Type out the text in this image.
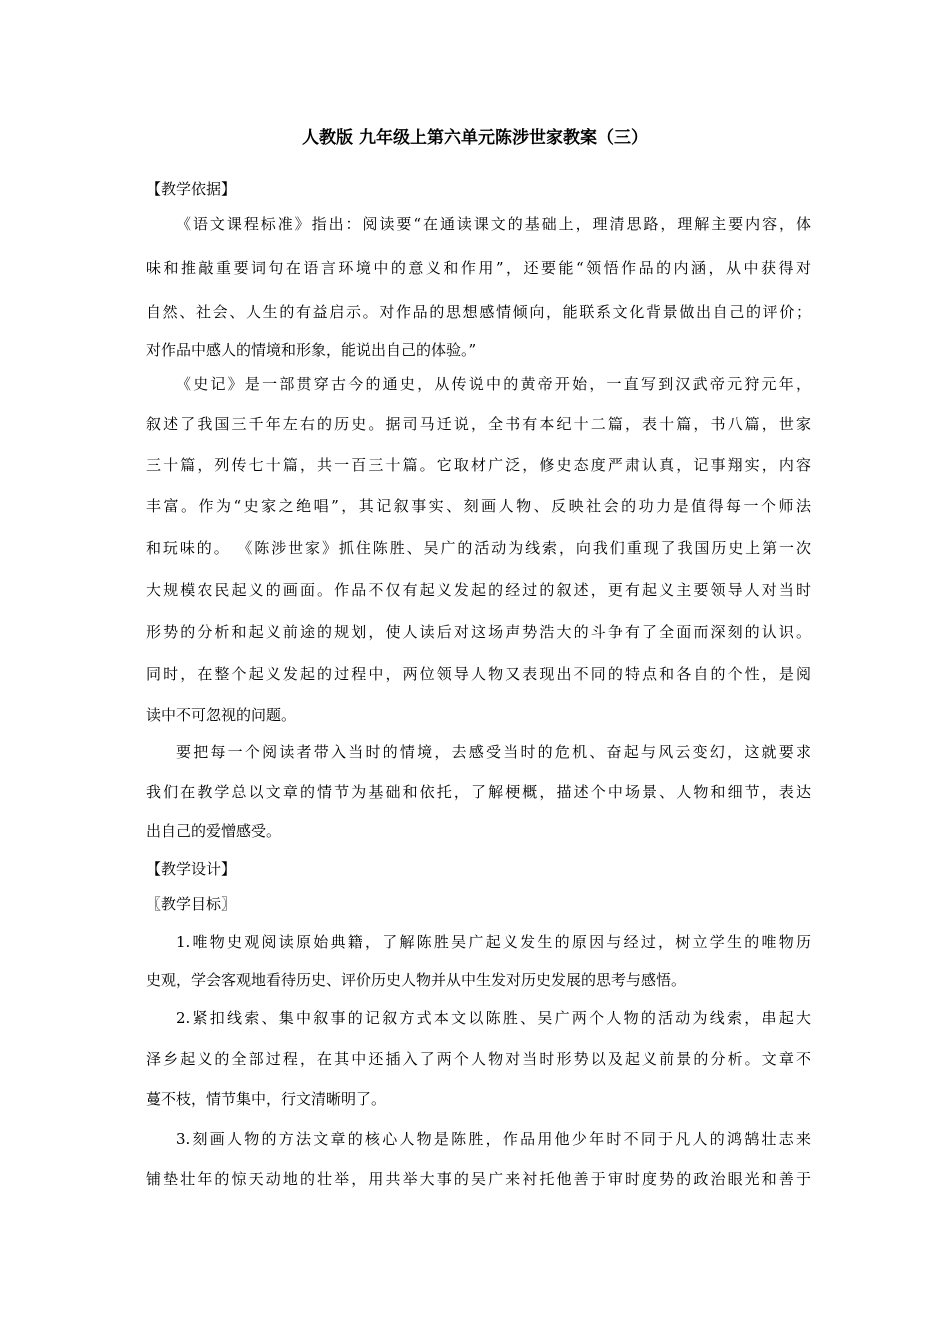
人教版 九年级上第六单元陈涉世家教案（三）
【教学依据】
《语文课程标准》指出：阅读要“在通读课文的基础上，理清思路，理解主要内容，体
味和推敲重要词句在语言环境中的意义和作用”，还要能“领悟作品的内涵，从中获得对
自然、社会、人生的有益启示。对作品的思想感情倾向，能联系文化背景做出自己的评价；
对作品中感人的情境和形象，能说出自己的体验。”
《史记》是一部贯穿古今的通史，从传说中的黄帝开始，一直写到汉武帝元狩元年，
叙述了我国三千年左右的历史。据司马迁说，全书有本纪十二篇，表十篇，书八篇，世家
三十篇，列传七十篇，共一百三十篇。它取材广泛，修史态度严肃认真，记事翔实，内容
丰富。作为“史家之绝唱”，其记叙事实、刻画人物、反映社会的功力是值得每一个师法
和玩味的。 《陈涉世家》抓住陈胜、吴广的活动为线索，向我们重现了我国历史上第一次
大规模农民起义的画面。作品不仅有起义发起的经过的叙述，更有起义主要领导人对当时
形势的分析和起义前途的规划，使人读后对这场声势浩大的斗争有了全面而深刻的认识。
同时，在整个起义发起的过程中，两位领导人物又表现出不同的特点和各自的个性，是阅
读中不可忽视的问题。
要把每一个阅读者带入当时的情境，去感受当时的危机、奋起与风云变幻，这就要求
我们在教学总以文章的情节为基础和依托，了解梗概，描述个中场景、人物和细节，表达
出自己的爱憎感受。
【教学设计】
〖教学目标〗
1.唯物史观阅读原始典籍，了解陈胜吴广起义发生的原因与经过，树立学生的唯物历
史观，学会客观地看待历史、评价历史人物并从中生发对历史发展的思考与感悟。
2.紧扣线索、集中叙事的记叙方式本文以陈胜、吴广两个人物的活动为线索，串起大
泽乡起义的全部过程，在其中还插入了两个人物对当时形势以及起义前景的分析。文章不
蔓不枝，情节集中，行文清晰明了。
3.刻画人物的方法文章的核心人物是陈胜，作品用他少年时不同于凡人的鸿鹄壮志来
铺垫壮年的惊天动地的壮举，用共举大事的吴广来衬托他善于审时度势的政治眼光和善于
